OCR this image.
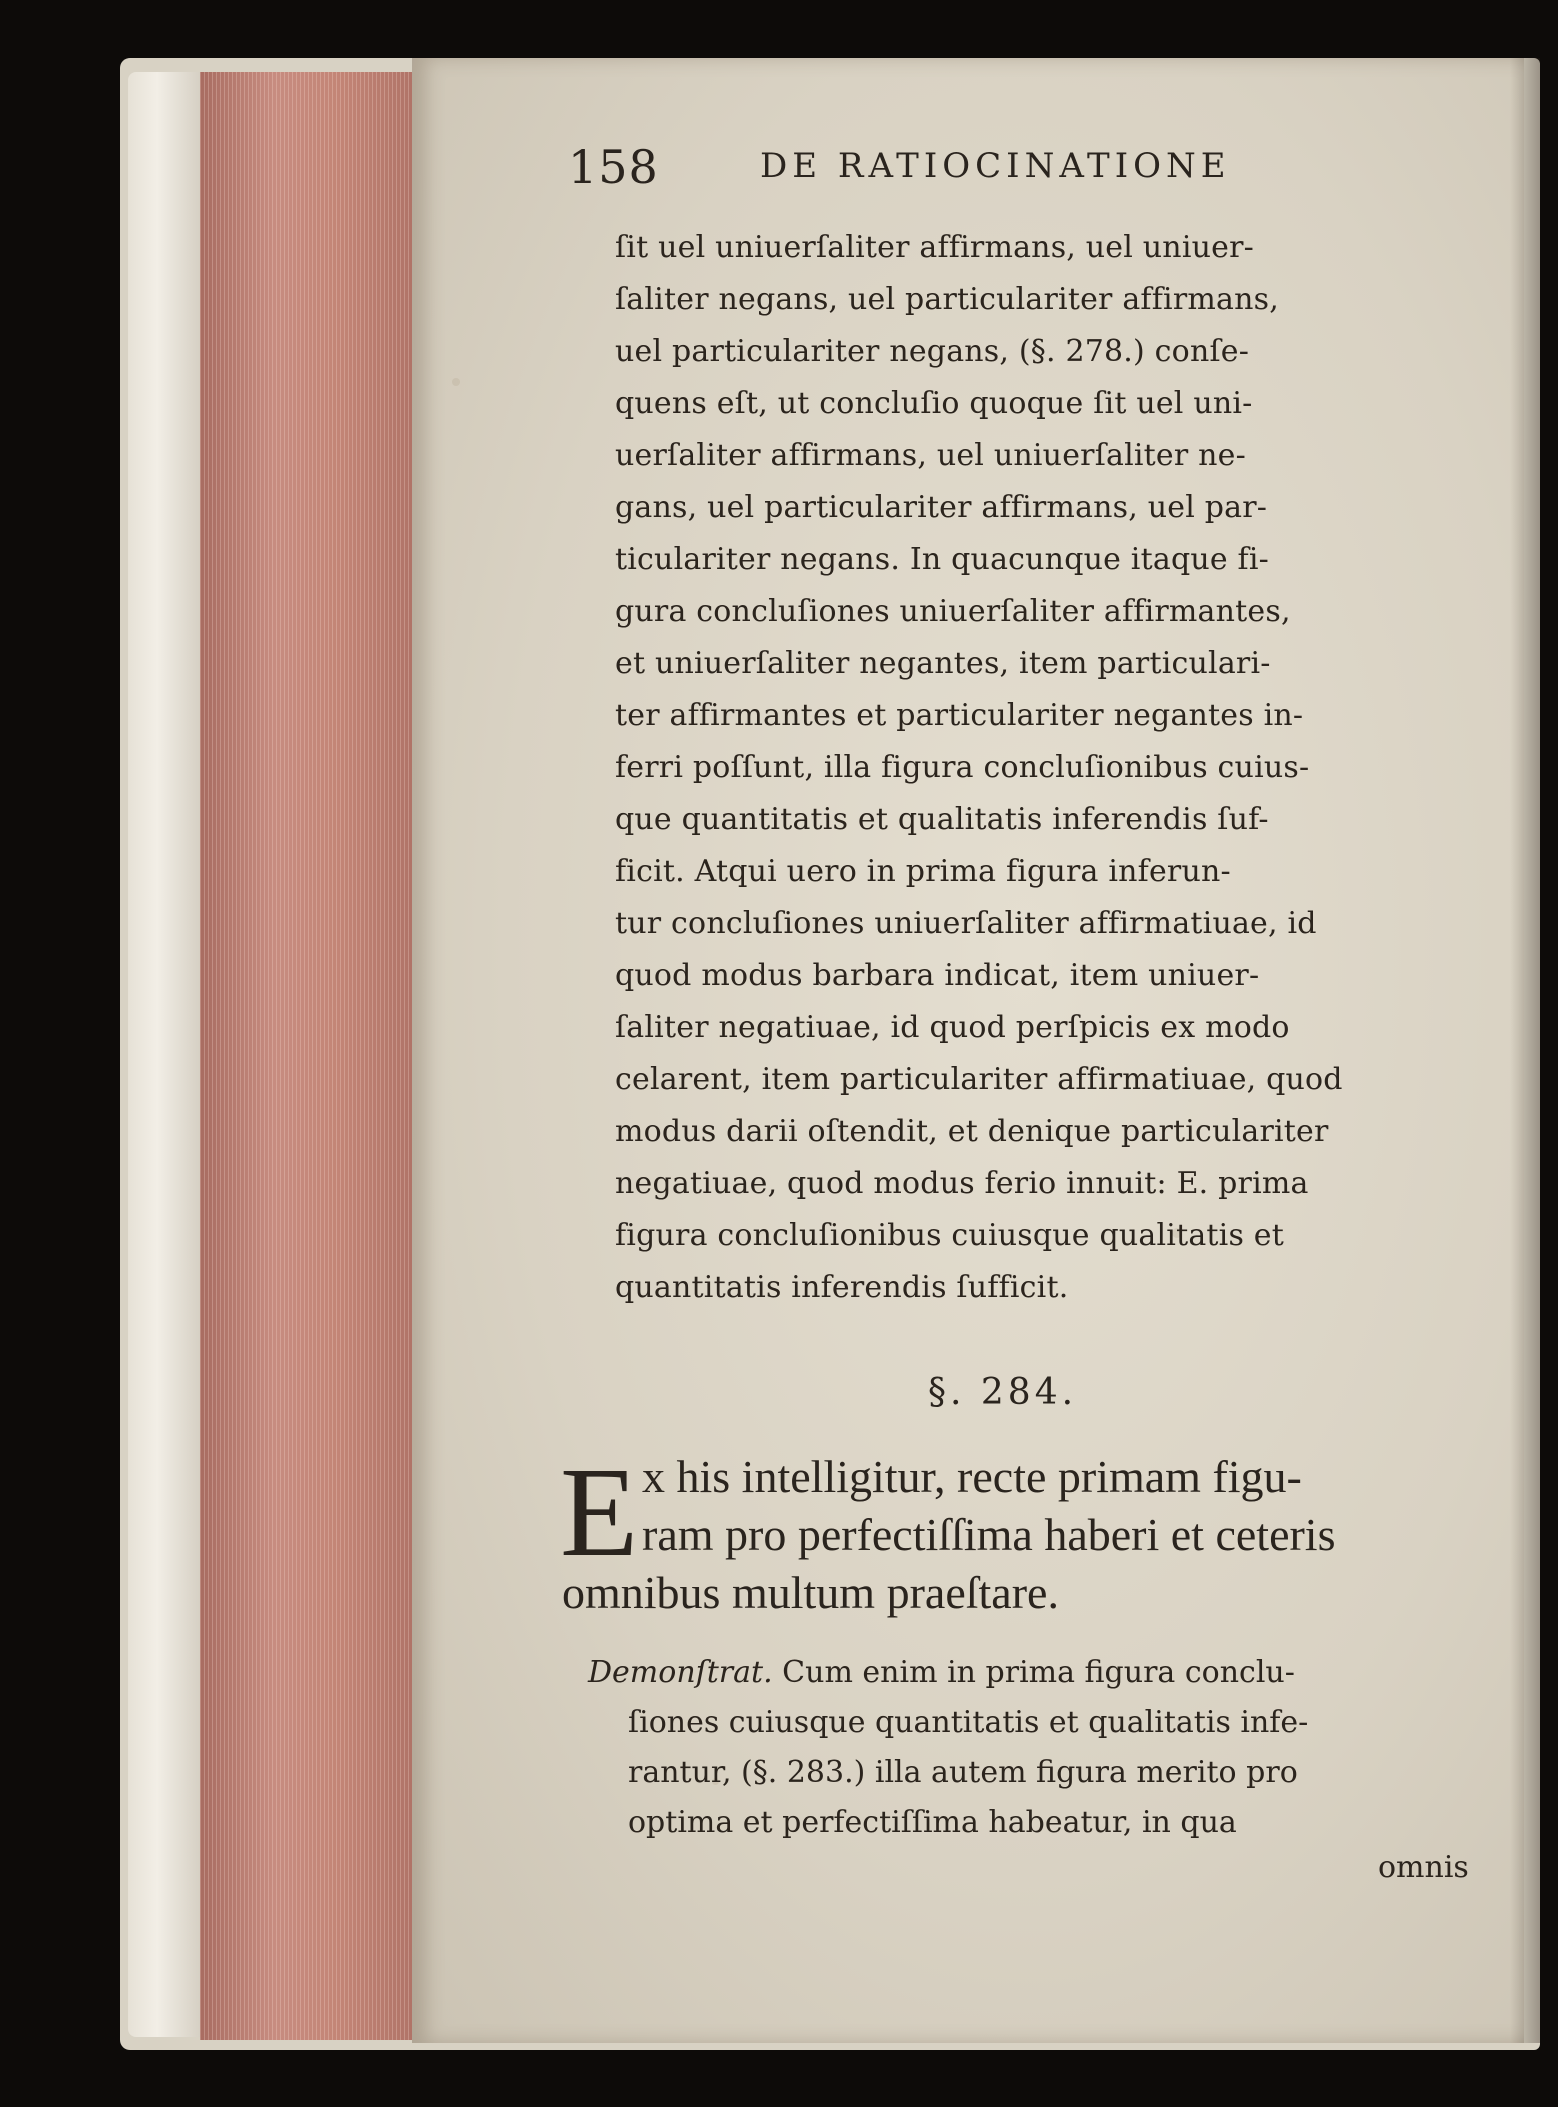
158	DE RATIOCINATIONE
ſit uel uniuerſaliter affirmans, uel uniuer-
ſaliter negans, uel particulariter affirmans,
uel particulariter negans, (§. 278.) conſe-
quens eſt, ut concluſio quoque ſit uel uni-
uerſaliter affirmans, uel uniuerſaliter ne-
gans, uel particulariter affirmans, uel par-
ticulariter negans. In quacunque itaque fi-
gura concluſiones uniuerſaliter affirmantes,
et uniuerſaliter negantes, item particulari-
ter affirmantes et particulariter negantes in-
ferri poſſunt, illa figura concluſionibus cuius-
que quantitatis et qualitatis inferendis ſuf-
ficit. Atqui uero in prima figura inferun-
tur concluſiones uniuerſaliter affirmatiuae, id
quod modus barbara indicat, item uniuer-
ſaliter negatiuae, id quod perſpicis ex modo
celarent, item particulariter affirmatiuae, quod
modus darii oſtendit, et denique particulariter
negatiuae, quod modus ferio innuit: E. prima
figura concluſionibus cuiusque qualitatis et
quantitatis inferendis ſufficit.
§. 284.
E x his intelligitur, recte primam figu-
ram pro perfectiſſima haberi et ceteris
omnibus multum praeſtare.
Demonſtrat. Cum enim in prima figura conclu-
ſiones cuiusque quantitatis et qualitatis infe-
rantur, (§. 283.) illa autem figura merito pro
optima et perfectiſſima habeatur, in qua
omnis
